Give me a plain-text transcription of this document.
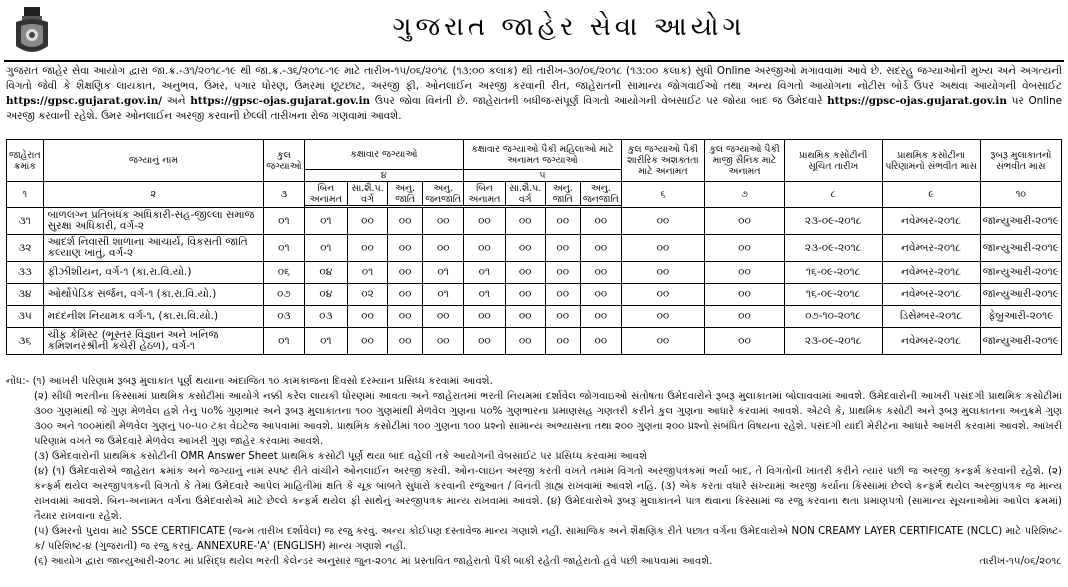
ગુજરાત જાહેર સેવા આયોગ
ગુજરાત જાહેર સેવા આયોગ દ્વારા જા.ક્ર.-૩૧/૨૦૧૮-૧૯ થી જા.ક્ર.-૩૬/૨૦૧૮-૧૯ માટે તારીખ-૧૫/૦૬/૨૦૧૮ (૧૩:૦૦ કલાક) થી તારીખ-૩૦/૦૬/૨૦૧૮ (૧૩:૦૦ કલાક) સુધી Online અરજીઓ મંગાવવામાં આવે છે. સદરહુ જગ્યાઓની મુખ્ય અને અગત્યની વિગતો જેવી કે શૈક્ષણિક લાયકાત, અનુભવ, ઉંમર, પગાર ધોરણ, ઉંમરમાં છૂટછાટ, અરજી ફી, ઓનલાઈન અરજી કરવાની રીત, જાહેરાતની સામાન્ય જોગવાઈઓ તથા અન્ય વિગતો આયોગના નોટીસ બોર્ડ ઉપર અથવા આયોગની વેબસાઈટ https://gpsc.gujarat.gov.in/ અને https://gpsc-ojas.gujarat.gov.in ઉપર જોવા વિનંતી છે. જાહેરાતની બધીજ-સંપૂર્ણ વિગતો આયોગની વેબસાઈટ પર જોયા બાદ જ ઉમેદવારે https://gpsc-ojas.gujarat.gov.in પર Online અરજી કરવાની રહેશે. ઉંમર ઓનલાઈન અરજી કરવાની છેલ્લી તારીખના રોજ ગણવામાં આવશે.
જાહેરાત ક્રમાંક	જગ્યાનું નામ	કુલ જગ્યાઓ	કક્ષાવાર જગ્યાઓ				કક્ષાવાર જગ્યાઓ પૈકી મહિલાઓ માટે અનામત જગ્યાઓ				કુલ જગ્યાઓ પૈકી શારીરિક અશક્તતા માટે અનામત	કુલ જગ્યાઓ પૈકી માજી સૈનિક માટે અનામત	પ્રાથમિક કસોટીની સૂચિત તારીખ	પ્રાથમિક કસોટીના પરિણામનો સંભવીત માસ	રૂબરૂ મુલાકાતનો સંભવીત માસ
			૪				૫								
૧	૨	૩	બિન અનામત	સા.શૈ.પ. વર્ગ	અનુ. જાતિ	અનુ. જનજાતિ	બિન અનામત	સા.શૈ.પ. વર્ગ	અનુ. જાતિ	અનુ. જનજાતિ	૬	૭	૮	૯	૧૦

૩૧	બાળલગ્ન પ્રતિબંધક અધિકારી-સહ-જીલ્લા સમાજ સુરક્ષા અધિકારી, વર્ગ-૨	૦૧	૦૧	૦૦	૦૦	૦૦	૦૦	૦૦	૦૦	૦૦	૦૦	૦૦	૨૩-૦૯-૨૦૧૮	નવેમ્બર-૨૦૧૮	જાન્યુઆરી-૨૦૧૯
૩૨	આદર્શ નિવાસી શાળાના આચાર્ય, વિકસતી જાતિ કલ્યાણ ખાતું, વર્ગ-૨	૦૧	૦૧	૦૦	૦૦	૦૦	૦૦	૦૦	૦૦	૦૦	૦૦	૦૦	૨૩-૦૯-૨૦૧૮	નવેમ્બર-૨૦૧૮	જાન્યુઆરી-૨૦૧૯
૩૩	ફીઝીશીયન, વર્ગ-૧ (કા.રા.વિ.યો.)	૦૬	૦૪	૦૧	૦૦	૦૧	૦૧	૦૦	૦૦	૦૦	૦૦	૦૦	૧૬-૦૯-૨૦૧૮	નવેમ્બર-૨૦૧૮	જાન્યુઆરી-૨૦૧૯
૩૪	ઓર્થોપેડિક સર્જન, વર્ગ-૧ (કા.રા.વિ.યો.)	૦૭	૦૪	૦૨	૦૦	૦૧	૦૧	૦૦	૦૦	૦૦	૦૦	૦૦	૧૬-૦૯-૨૦૧૮	નવેમ્બર-૨૦૧૮	જાન્યુઆરી-૨૦૧૯
૩૫	મદદનીશ નિયામક વર્ગ-૧, (કા.રા.વિ.યો.)	૦૩	૦૩	૦૦	૦૦	૦૦	૦૦	૦૦	૦૦	૦૦	૦૦	૦૦	૦૭-૧૦-૨૦૧૮	ડિસેમ્બર-૨૦૧૮	ફેબ્રુઆરી-૨૦૧૯
૩૬	ચીફ કેમિસ્ટ (ભૂસ્તર વિજ્ઞાન અને ખનિજ કમિશનરશ્રીની કચેરી હેઠળ), વર્ગ-૧	૦૧	૦૧	૦૦	૦૦	૦૦	૦૦	૦૦	૦૦	૦૦	૦૦	૦૦	૨૩-૦૯-૨૦૧૮	નવેમ્બર-૨૦૧૮	જાન્યુઆરી-૨૦૧૯

નોંધ:- (૧) આખરી પરિણામ રૂબરૂ મુલાકાત પૂર્ણ થયાના અંદાજિત ૧૦ કામકાજના દિવસો દરમ્યાન પ્રસિધ્ધ કરવામાં આવશે.

(૨) સીધી ભરતીના કિસ્સામાં પ્રાથમિક કસોટીમાં આયોગે નક્કી કરેલ લાયકી ધોરણમાં આવતા અને જાહેરાતમાં ભરતી નિયમમાં દર્શાવેલ જોગવાઇઓ સંતોષતા ઉમેદવારોને રૂબરૂ મુલાકાતમાં બોલાવવામાં આવશે. ઉમેદવારોની આખરી પસંદગી પ્રાથમિક કસોટીમાં ૩૦૦ ગુણમાંથી જે ગુણ મેળવેલ હશે તેનું ૫૦% ગુણભાર અને રૂબરૂ મુલાકાતના ૧૦૦ ગુણમાંથી મેળવેલ ગુણના ૫૦% ગુણભારના પ્રમાણસહ ગણતરી કરીને કુલ ગુણના આધારે કરવામાં આવશે. એટલે કે, પ્રાથમિક કસોટી અને રૂબરૂ મુલાકાતના અનુક્રમે ગુણ ૩૦૦ અને ૧૦૦માંથી મેળવેલ ગુણનું ૫૦-૫૦ ટકા વેઇટેજ આપવામાં આવશે. પ્રાથમિક કસોટીમાં ૧૦૦ ગુણના ૧૦૦ પ્રશ્નો સામાન્ય અભ્યાસના તથા ૨૦૦ ગુણના ૨૦૦ પ્રશ્નો સંબંધિત વિષયના રહેશે. પસંદગી યાદી મેરીટના આધારે આખરી કરવામાં આવશે. આખરી પરિણામ વખતે જ ઉમેદવારે મેળવેલ આખરી ગુણ જાહેર કરવામાં આવશે.

(૩) ઉમેદવારોની પ્રાથમિક કસોટીની OMR Answer Sheet પ્રાથમિક કસોટી પૂર્ણ થયા બાદ વહેલી તકે આયોગની વેબસાઈટ પર પ્રસિધ્ધ કરવામાં આવશે

(૪) (૧) ઉમેદવારોએ જાહેરાત ક્રમાંક અને જગ્યાનું નામ સ્પષ્ટ રીતે વાંચીને ઓનલાઈન અરજી કરવી. ઓન-લાઇન અરજી કરતી વખતે તમામ વિગતો અરજીપત્રકમાં ભર્યા બાદ, તે વિગતોની ખાતરી કરીને ત્યાર પછી જ અરજી કન્ફર્મ કરવાની રહેશે. (૨) કન્ફર્મ થયેલ અરજીપત્રકની વિગતો કે તેમાં ઉમેદવારે આપેલ માહિતીમાં ક્ષતિ કે ચૂક બાબતે સુધારો કરવાની રજુઆત / વિનંતી ગ્રાહ્ય રાખવામાં આવશે નહિ. (૩) એક કરતાં વધારે સંખ્યામાં અરજી કર્યાના કિસ્સામાં છેલ્લે કન્ફર્મ થયેલ અરજીપત્રક જ માન્ય રાખવામાં આવશે. બિન-અનામત વર્ગના ઉમેદવારોએ માટે છેલ્લે કન્ફર્મ થયેલ ફી સાથેનું અરજીપત્રક માન્ય રાખવામાં આવશે. (૪) ઉમેદવારોએ રૂબરૂ મુલાકાતને પાત્ર થવાના કિસ્સામાં જ રજુ કરવાના થતા પ્રમાણપત્રો (સામાન્ય સૂચનાઓમાં આપેલ ક્રમમાં) તૈયાર રાખવાના રહેશે.

(૫) ઉંમરનો પુરાવા માટે SSCE CERTIFICATE (જન્મ તારીખ દર્શાવેલ) જ રજુ કરવું. અન્ય કોઈપણ દસ્તાવેજ માન્ય ગણાશે નહીં. સામાજિક અને શૈક્ષણિક રીતે પછાત વર્ગના ઉમેદવારોએ NON CREAMY LAYER CERTIFICATE (NCLC) માટે પરિશિષ્ટ-ક/ પરિશિષ્ટ-૪ (ગુજરાતી) જ રજુ કરવું. ANNEXURE-'A' (ENGLISH) માન્ય ગણાશે નહીં.

(૬) આયોગ દ્વારા જાન્યુઆરી-૨૦૧૮ માં પ્રસિદ્ધ થયેલ ભરતી કેલેન્ડર અનુસાર જુન-૨૦૧૮ માં પ્રસ્તાવિત જાહેરાતો પૈકી બાકી રહેતી જાહેરાતો હવે પછી આપવામાં આવશે.	તારીખ-૧૫/૦૬/૨૦૧૮
